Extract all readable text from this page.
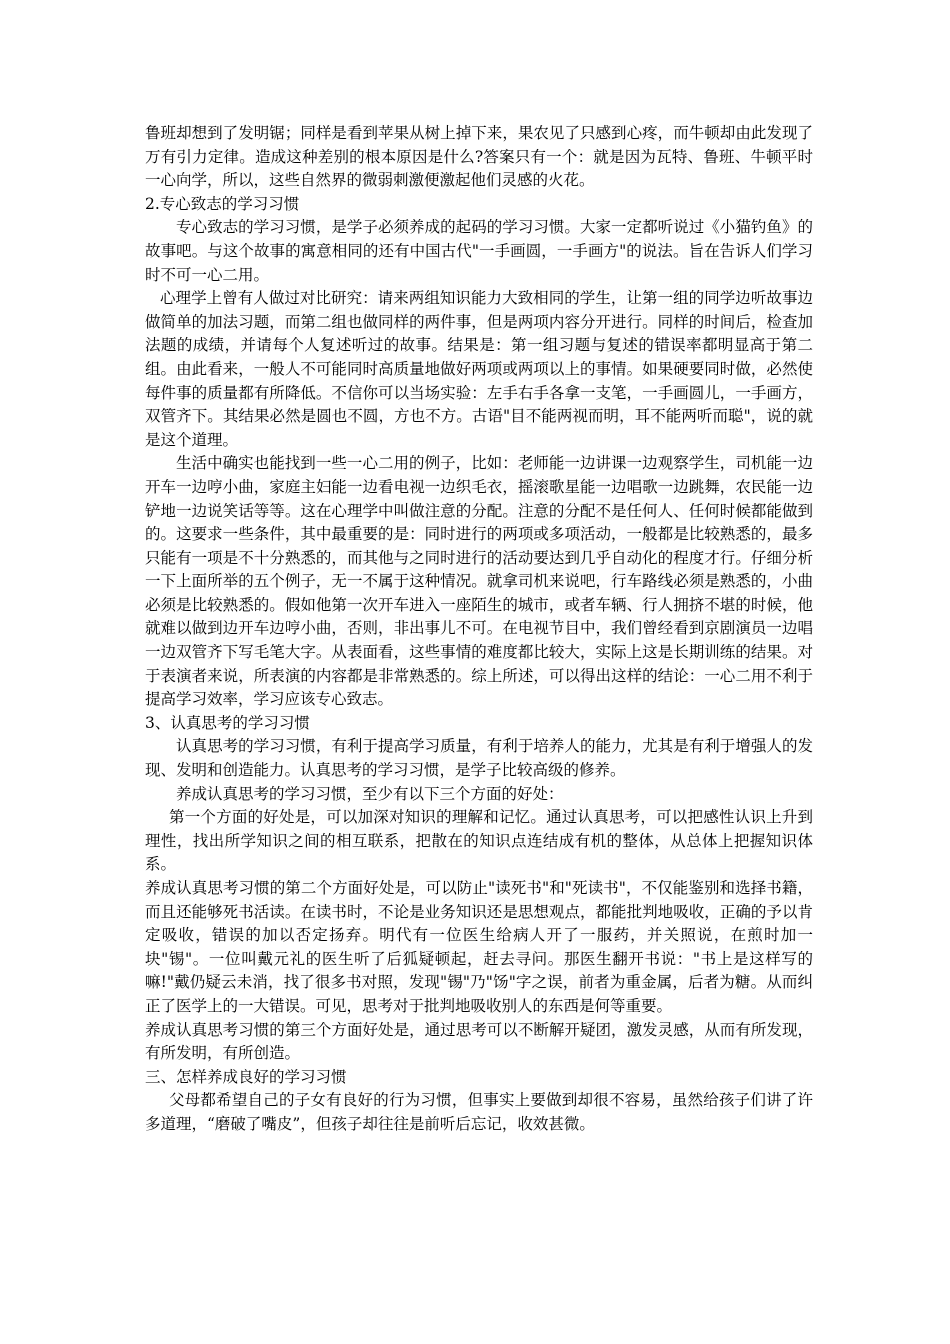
鲁班却想到了发明锯；同样是看到苹果从树上掉下来，果农见了只感到心疼，而牛顿却由此发现了万有引力定律。造成这种差别的根本原因是什么?答案只有一个：就是因为瓦特、鲁班、牛顿平时一心向学，所以，这些自然界的微弱刺激便激起他们灵感的火花。

2.专心致志的学习习惯

专心致志的学习习惯，是学子必须养成的起码的学习习惯。大家一定都听说过《小猫钓鱼》的故事吧。与这个故事的寓意相同的还有中国古代"一手画圆，一手画方"的说法。旨在告诉人们学习时不可一心二用。

心理学上曾有人做过对比研究：请来两组知识能力大致相同的学生，让第一组的同学边听故事边做简单的加法习题，而第二组也做同样的两件事，但是两项内容分开进行。同样的时间后，检查加法题的成绩，并请每个人复述听过的故事。结果是：第一组习题与复述的错误率都明显高于第二组。由此看来，一般人不可能同时高质量地做好两项或两项以上的事情。如果硬要同时做，必然使每件事的质量都有所降低。不信你可以当场实验：左手右手各拿一支笔，一手画圆儿，一手画方，双管齐下。其结果必然是圆也不圆，方也不方。古语"目不能两视而明，耳不能两听而聪"，说的就是这个道理。

生活中确实也能找到一些一心二用的例子，比如：老师能一边讲课一边观察学生，司机能一边开车一边哼小曲，家庭主妇能一边看电视一边织毛衣，摇滚歌星能一边唱歌一边跳舞，农民能一边铲地一边说笑话等等。这在心理学中叫做注意的分配。注意的分配不是任何人、任何时候都能做到的。这要求一些条件，其中最重要的是：同时进行的两项或多项活动，一般都是比较熟悉的，最多只能有一项是不十分熟悉的，而其他与之同时进行的活动要达到几乎自动化的程度才行。仔细分析一下上面所举的五个例子，无一不属于这种情况。就拿司机来说吧，行车路线必须是熟悉的，小曲必须是比较熟悉的。假如他第一次开车进入一座陌生的城市，或者车辆、行人拥挤不堪的时候，他就难以做到边开车边哼小曲，否则，非出事儿不可。在电视节目中，我们曾经看到京剧演员一边唱一边双管齐下写毛笔大字。从表面看，这些事情的难度都比较大，实际上这是长期训练的结果。对于表演者来说，所表演的内容都是非常熟悉的。综上所述，可以得出这样的结论：一心二用不利于提高学习效率，学习应该专心致志。

3、认真思考的学习习惯

认真思考的学习习惯，有利于提高学习质量，有利于培养人的能力，尤其是有利于增强人的发现、发明和创造能力。认真思考的学习习惯，是学子比较高级的修养。

养成认真思考的学习习惯，至少有以下三个方面的好处：

第一个方面的好处是，可以加深对知识的理解和记忆。通过认真思考，可以把感性认识上升到理性，找出所学知识之间的相互联系，把散在的知识点连结成有机的整体，从总体上把握知识体系。

养成认真思考习惯的第二个方面好处是，可以防止"读死书"和"死读书"，不仅能鉴别和选择书籍，而且还能够死书活读。在读书时，不论是业务知识还是思想观点，都能批判地吸收，正确的予以肯定吸收，错误的加以否定扬弃。明代有一位医生给病人开了一服药，并关照说，在煎时加一块"锡"。一位叫戴元礼的医生听了后狐疑顿起，赶去寻问。那医生翻开书说："书上是这样写的嘛!"戴仍疑云未消，找了很多书对照，发现"锡"乃"饧"字之误，前者为重金属，后者为糖。从而纠正了医学上的一大错误。可见，思考对于批判地吸收别人的东西是何等重要。

养成认真思考习惯的第三个方面好处是，通过思考可以不断解开疑团，激发灵感，从而有所发现，有所发明，有所创造。

三、怎样养成良好的学习习惯

父母都希望自己的子女有良好的行为习惯，但事实上要做到却很不容易，虽然给孩子们讲了许多道理，“磨破了嘴皮”，但孩子却往往是前听后忘记，收效甚微。
